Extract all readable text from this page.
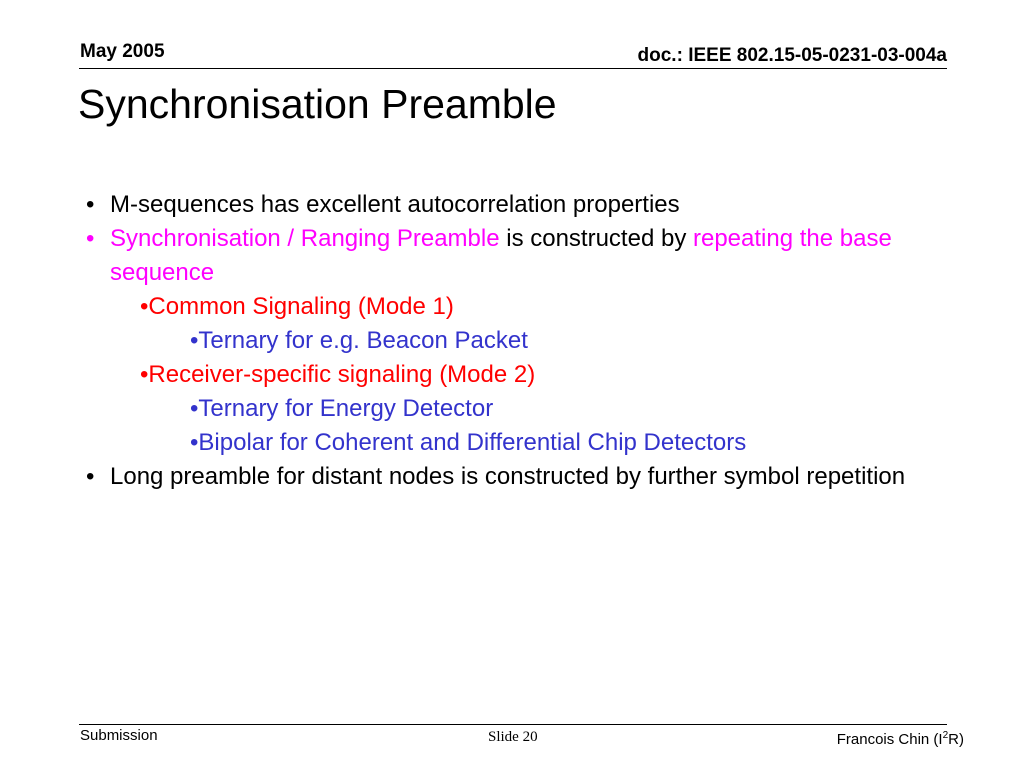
May 2005	doc.: IEEE 802.15-05-0231-03-004a
Synchronisation Preamble
• M-sequences has excellent autocorrelation properties
• Synchronisation / Ranging Preamble is constructed by repeating the base sequence
•Common Signaling (Mode 1)
•Ternary for e.g. Beacon Packet
•Receiver-specific signaling (Mode 2)
•Ternary for Energy Detector
•Bipolar for Coherent and Differential Chip Detectors
• Long preamble for distant nodes is constructed by further symbol repetition
Submission	Slide 20	Francois Chin $(I^2R)$
